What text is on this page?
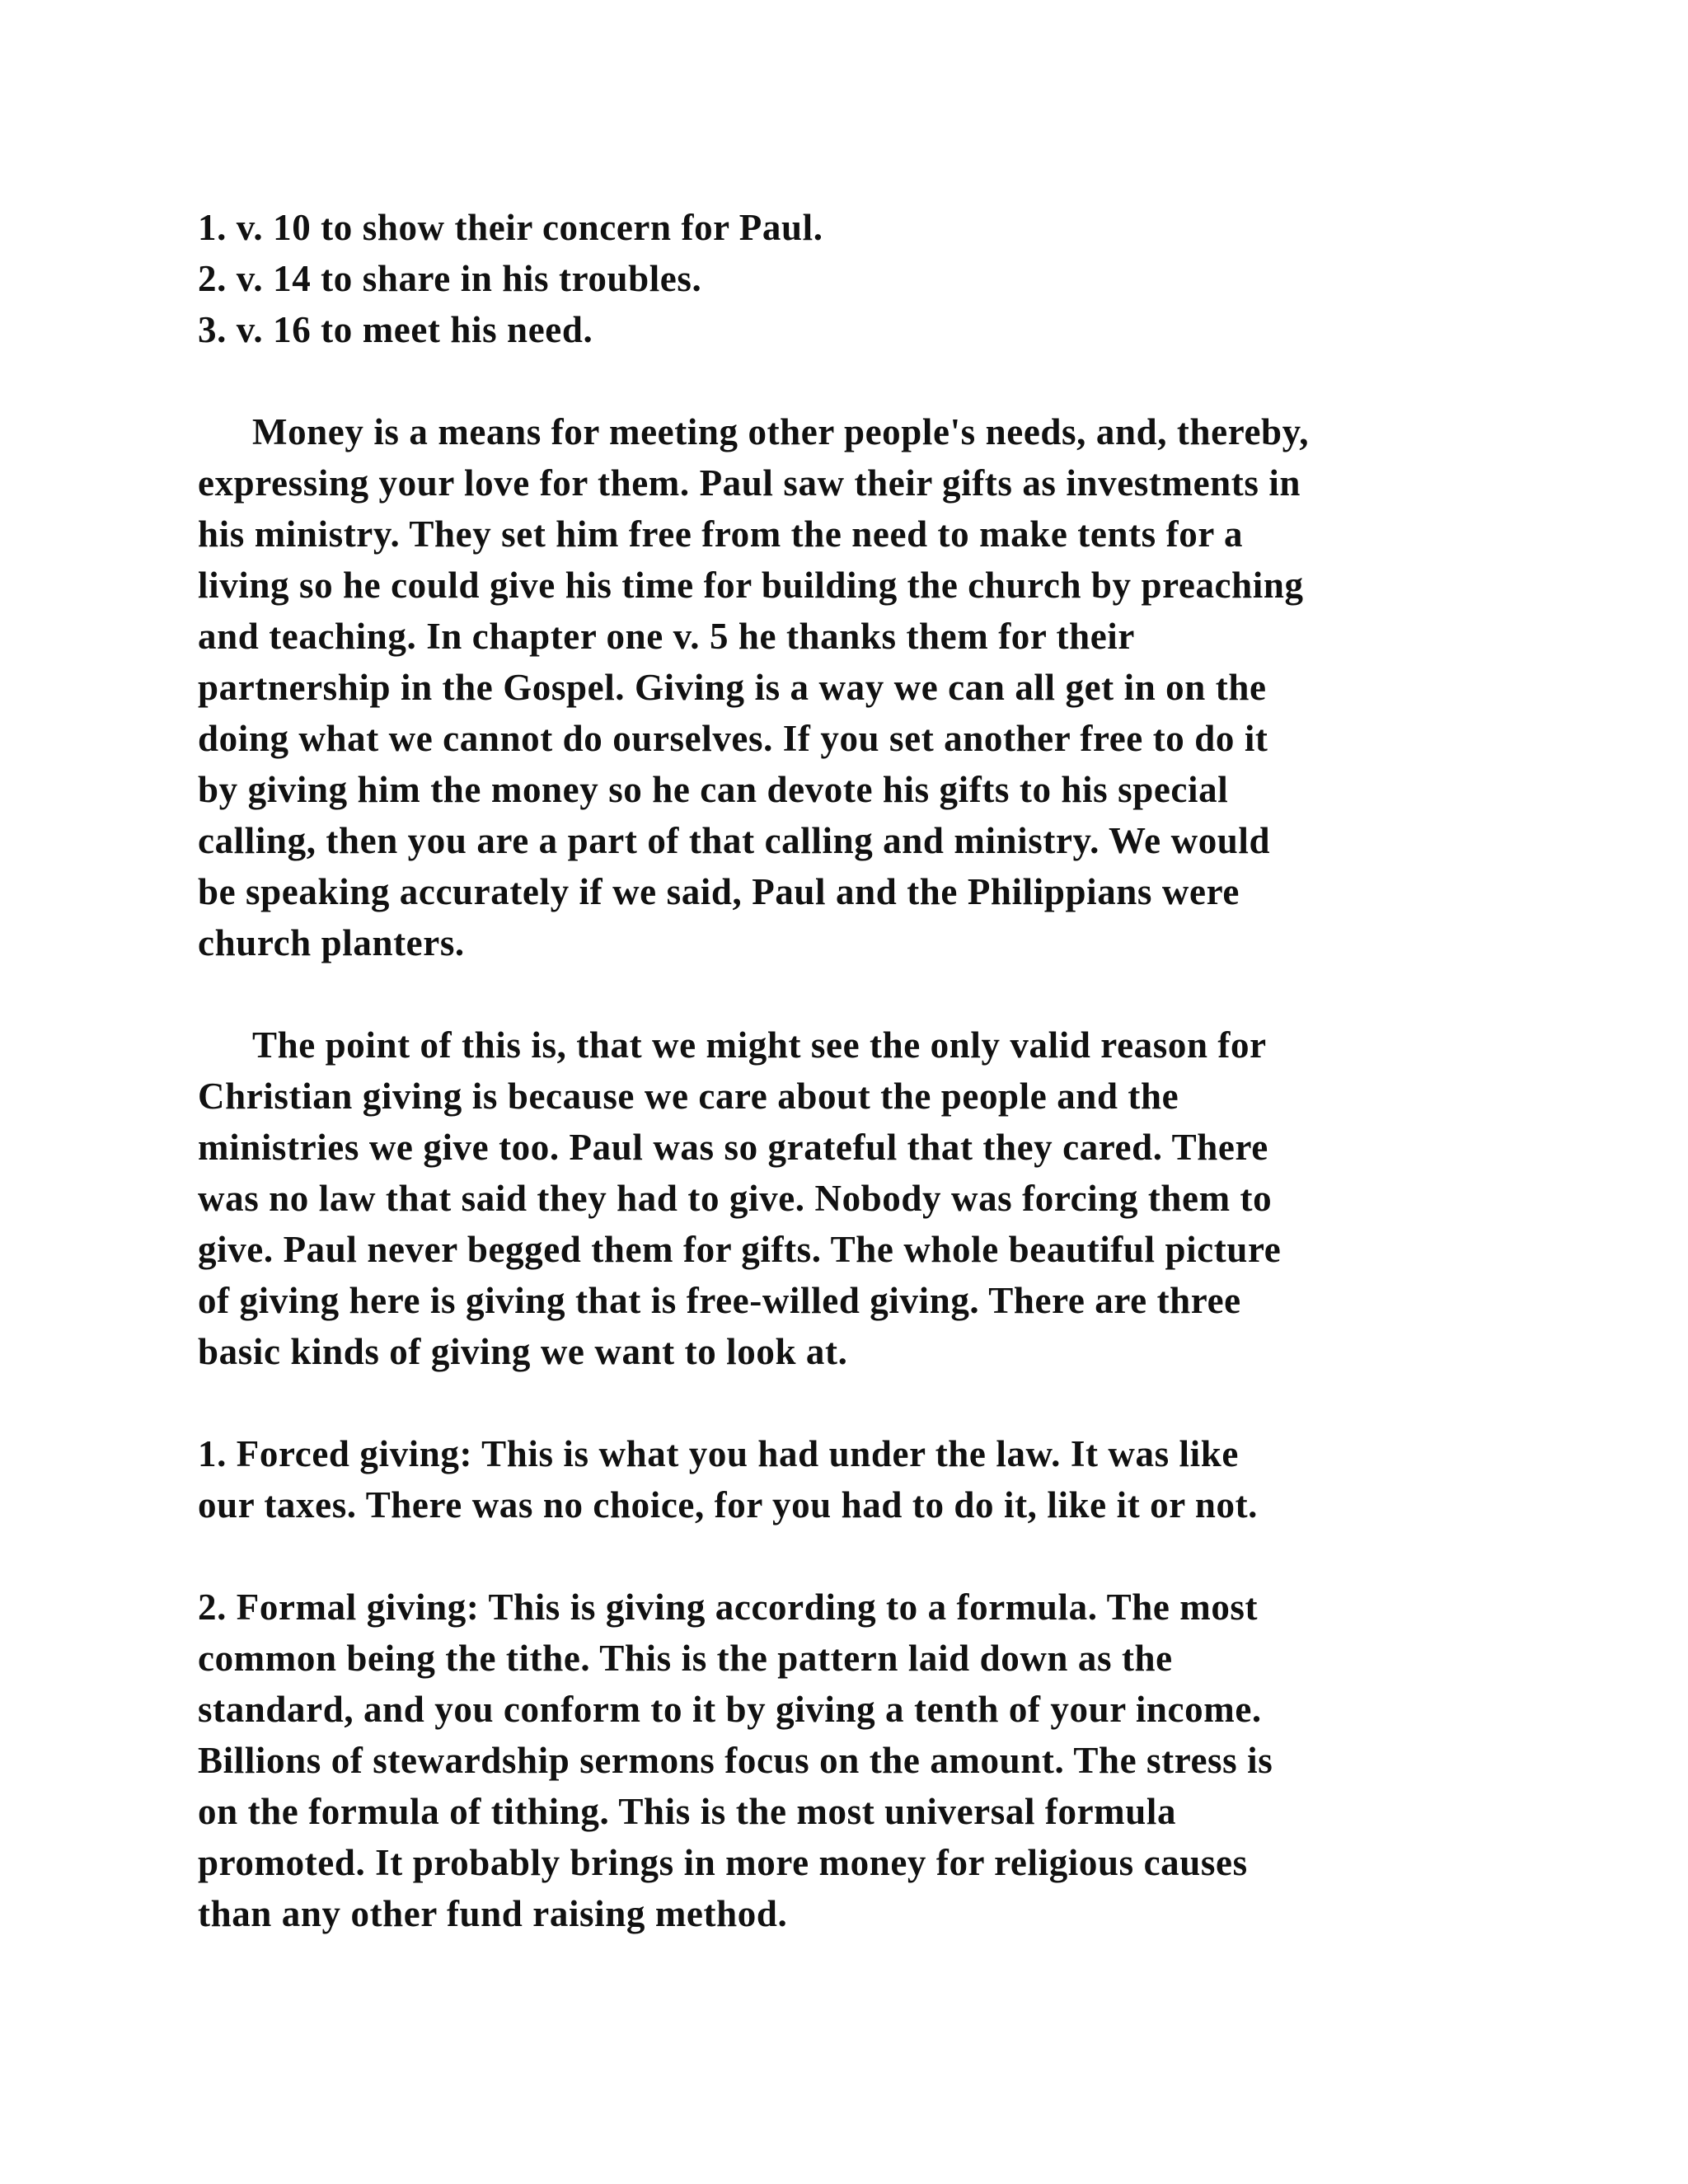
1. v. 10 to show their concern for Paul.
2. v. 14 to share in his troubles.
3. v. 16 to meet his need.
Money is a means for meeting other people's needs, and, thereby,
expressing your love for them. Paul saw their gifts as investments in
his ministry. They set him free from the need to make tents for a
living so he could give his time for building the church by preaching
and teaching. In chapter one v. 5 he thanks them for their
partnership in the Gospel. Giving is a way we can all get in on the
doing what we cannot do ourselves. If you set another free to do it
by giving him the money so he can devote his gifts to his special
calling, then you are a part of that calling and ministry. We would
be speaking accurately if we said, Paul and the Philippians were
church planters.
The point of this is, that we might see the only valid reason for
Christian giving is because we care about the people and the
ministries we give too. Paul was so grateful that they cared. There
was no law that said they had to give. Nobody was forcing them to
give. Paul never begged them for gifts. The whole beautiful picture
of giving here is giving that is free-willed giving. There are three
basic kinds of giving we want to look at.
1. Forced giving: This is what you had under the law. It was like
our taxes. There was no choice, for you had to do it, like it or not.
2. Formal giving: This is giving according to a formula. The most
common being the tithe. This is the pattern laid down as the
standard, and you conform to it by giving a tenth of your income.
Billions of stewardship sermons focus on the amount. The stress is
on the formula of tithing. This is the most universal formula
promoted. It probably brings in more money for religious causes
than any other fund raising method.
